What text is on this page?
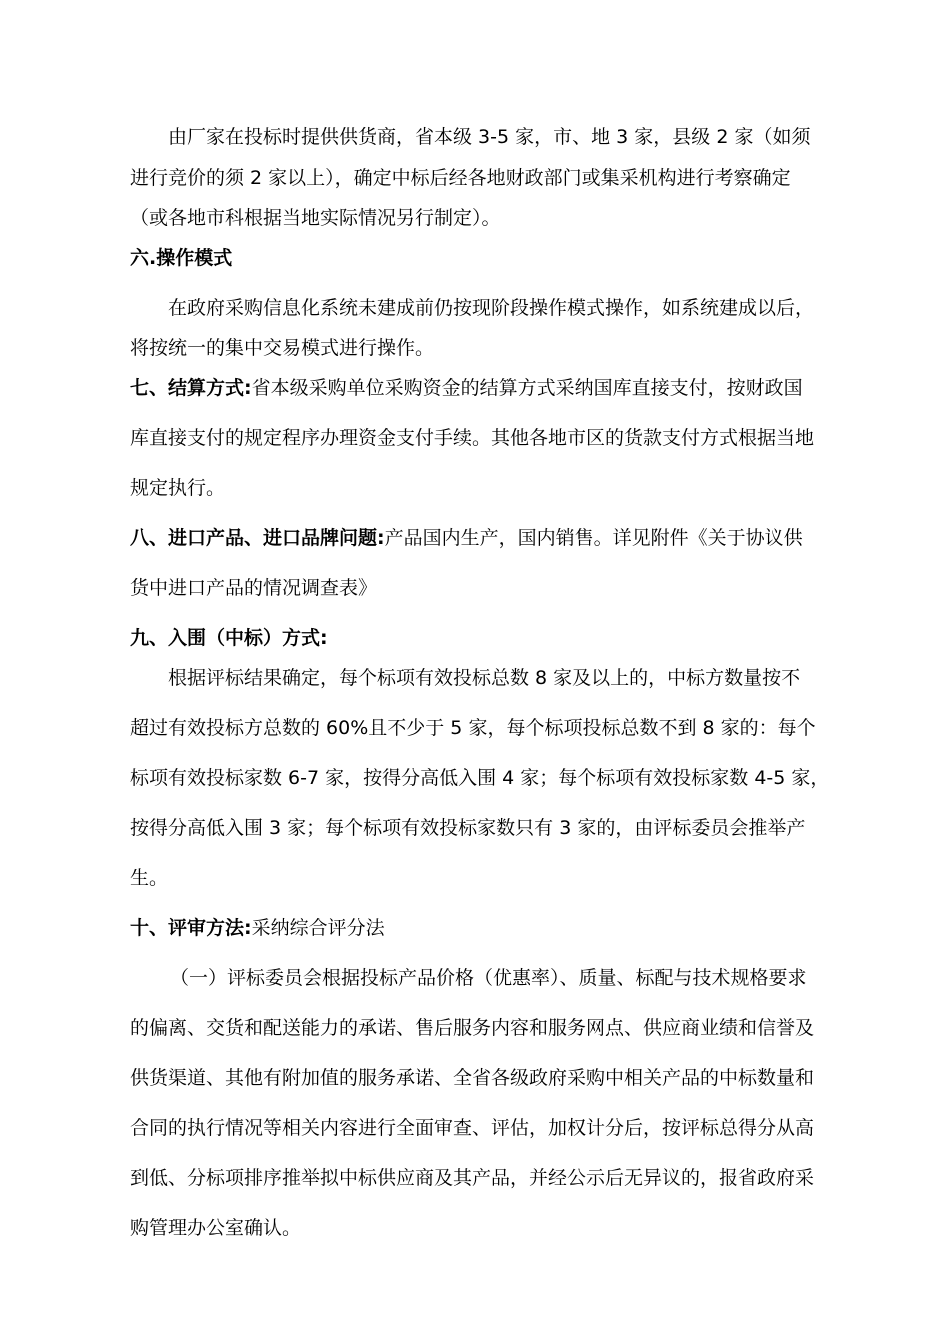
由厂家在投标时提供供货商，省本级 3-5 家，市、地 3 家，县级 2 家（如须
进行竞价的须 2 家以上），确定中标后经各地财政部门或集采机构进行考察确定
（或各地市科根据当地实际情况另行制定）。
六.操作模式
在政府采购信息化系统未建成前仍按现阶段操作模式操作，如系统建成以后，
将按统一的集中交易模式进行操作。
七、结算方式:省本级采购单位采购资金的结算方式采纳国库直接支付，按财政国
库直接支付的规定程序办理资金支付手续。其他各地市区的货款支付方式根据当地
规定执行。
八、进口产品、进口品牌问题:产品国内生产，国内销售。详见附件《关于协议供
货中进口产品的情况调查表》
九、入围（中标）方式:
根据评标结果确定，每个标项有效投标总数 8 家及以上的，中标方数量按不
超过有效投标方总数的 60%且不少于 5 家，每个标项投标总数不到 8 家的：每个
标项有效投标家数 6-7 家，按得分高低入围 4 家；每个标项有效投标家数 4-5 家，
按得分高低入围 3 家；每个标项有效投标家数只有 3 家的，由评标委员会推举产
生。
十、评审方法:采纳综合评分法
（一）评标委员会根据投标产品价格（优惠率）、质量、标配与技术规格要求
的偏离、交货和配送能力的承诺、售后服务内容和服务网点、供应商业绩和信誉及
供货渠道、其他有附加值的服务承诺、全省各级政府采购中相关产品的中标数量和
合同的执行情况等相关内容进行全面审查、评估，加权计分后，按评标总得分从高
到低、分标项排序推举拟中标供应商及其产品，并经公示后无异议的，报省政府采
购管理办公室确认。
